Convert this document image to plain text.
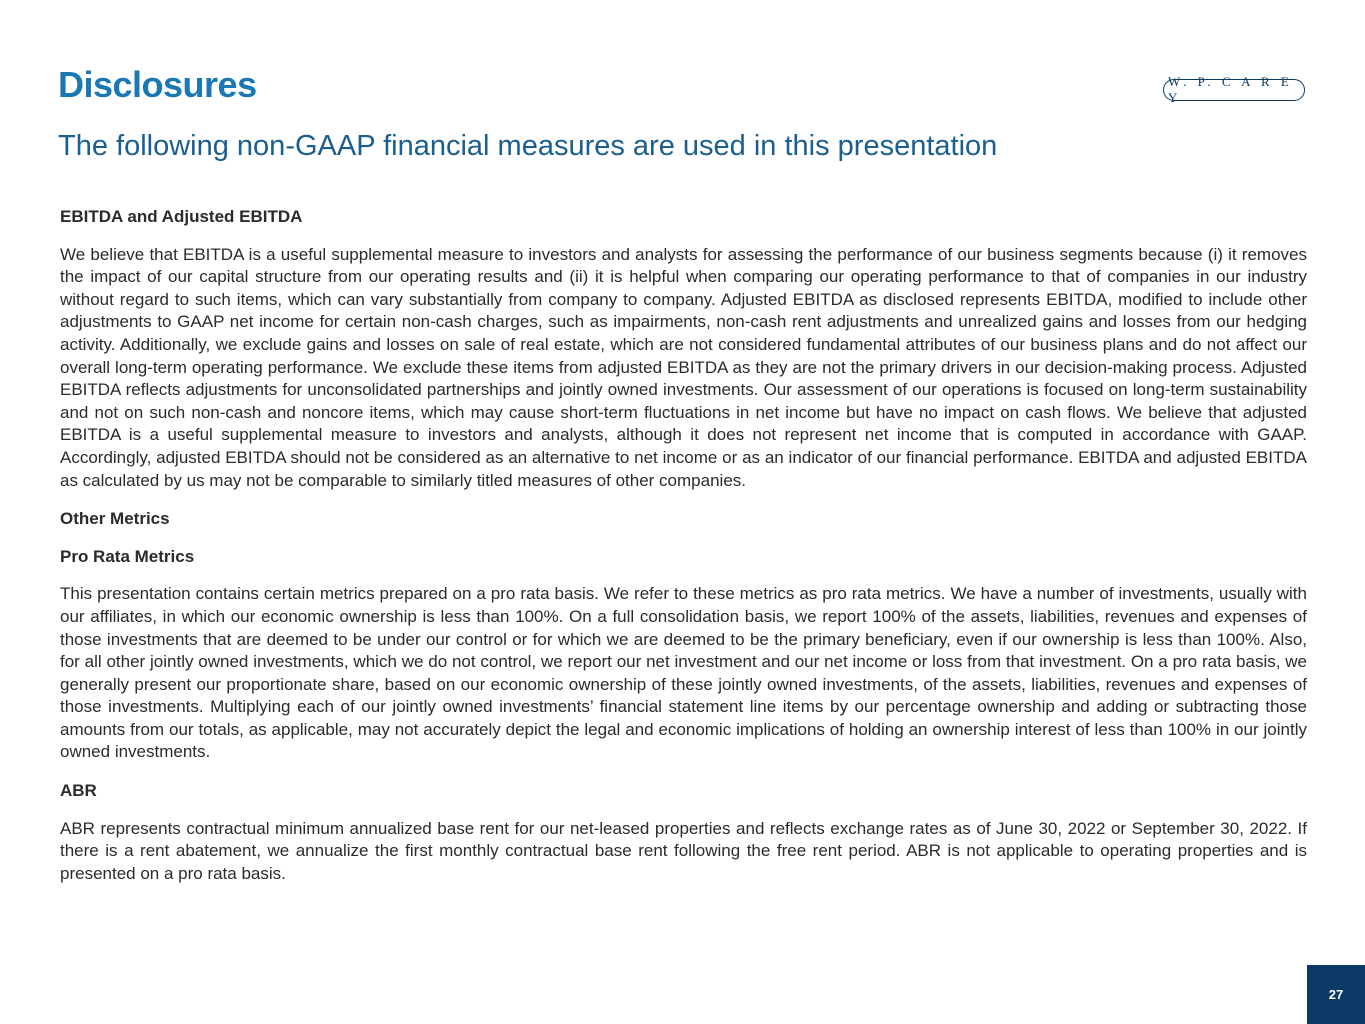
Disclosures	W. P. C A R E Y
The following non-GAAP financial measures are used in this presentation
EBITDA and Adjusted EBITDA

We believe that EBITDA is a useful supplemental measure to investors and analysts for assessing the performance of our business segments because (i) it removes the impact of our capital structure from our operating results and (ii) it is helpful when comparing our operating performance to that of companies in our industry without regard to such items, which can vary substantially from company to company. Adjusted EBITDA as disclosed represents EBITDA, modified to include other adjustments to GAAP net income for certain non-cash charges, such as impairments, non-cash rent adjustments and unrealized gains and losses from our hedging activity. Additionally, we exclude gains and losses on sale of real estate, which are not considered fundamental attributes of our business plans and do not affect our overall long-term operating performance. We exclude these items from adjusted EBITDA as they are not the primary drivers in our decision-making process. Adjusted EBITDA reflects adjustments for unconsolidated partnerships and jointly owned investments. Our assessment of our operations is focused on long-term sustainability and not on such non-cash and noncore items, which may cause short-term fluctuations in net income but have no impact on cash flows. We believe that adjusted EBITDA is a useful supplemental measure to investors and analysts, although it does not represent net income that is computed in accordance with GAAP. Accordingly, adjusted EBITDA should not be considered as an alternative to net income or as an indicator of our financial performance. EBITDA and adjusted EBITDA as calculated by us may not be comparable to similarly titled measures of other companies.

Other Metrics
Pro Rata Metrics

This presentation contains certain metrics prepared on a pro rata basis. We refer to these metrics as pro rata metrics. We have a number of investments, usually with our affiliates, in which our economic ownership is less than 100%. On a full consolidation basis, we report 100% of the assets, liabilities, revenues and expenses of those investments that are deemed to be under our control or for which we are deemed to be the primary beneficiary, even if our ownership is less than 100%. Also, for all other jointly owned investments, which we do not control, we report our net investment and our net income or loss from that investment. On a pro rata basis, we generally present our proportionate share, based on our economic ownership of these jointly owned investments, of the assets, liabilities, revenues and expenses of those investments. Multiplying each of our jointly owned investments’ financial statement line items by our percentage ownership and adding or subtracting those amounts from our totals, as applicable, may not accurately depict the legal and economic implications of holding an ownership interest of less than 100% in our jointly owned investments.

ABR

ABR represents contractual minimum annualized base rent for our net-leased properties and reflects exchange rates as of June 30, 2022 or September 30, 2022. If there is a rent abatement, we annualize the first monthly contractual base rent following the free rent period. ABR is not applicable to operating properties and is presented on a pro rata basis.

27
